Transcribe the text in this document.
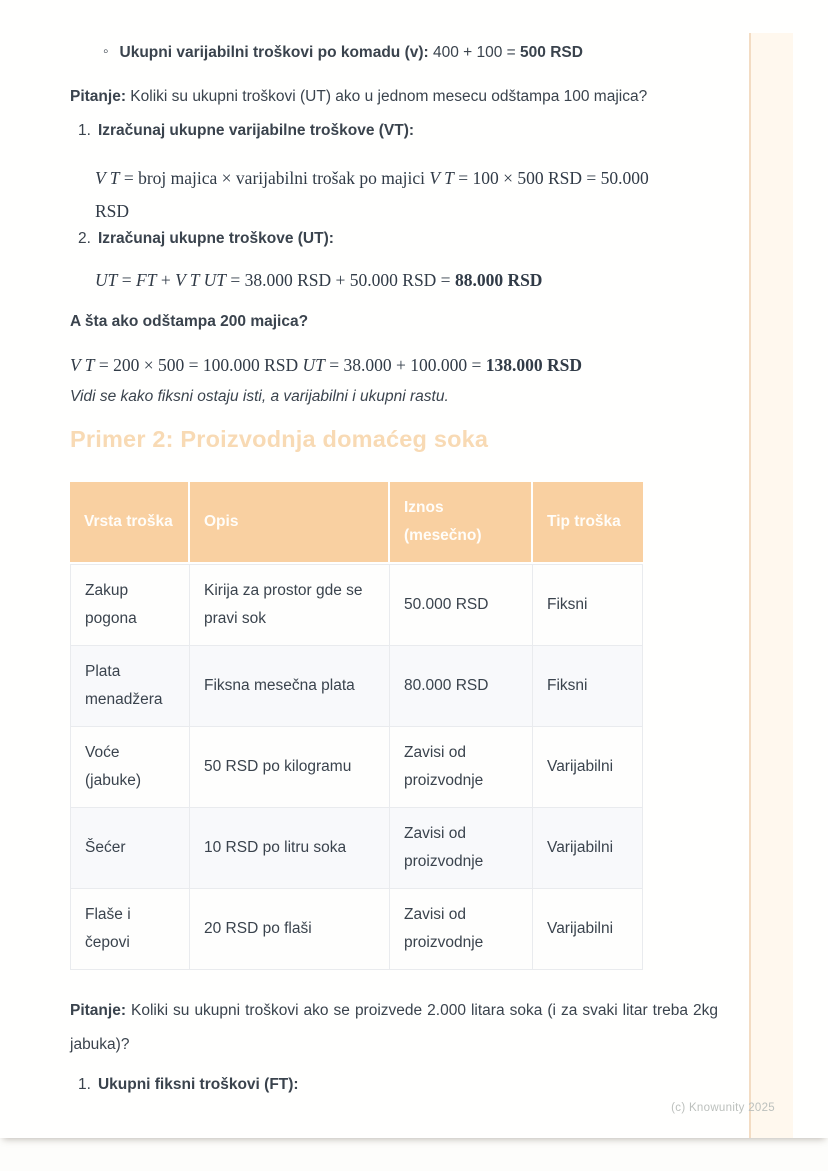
◦ Ukupni varijabilni troškovi po komadu (v): 400 + 100 = 500 RSD

Pitanje: Koliki su ukupni troškovi (UT) ako u jednom mesecu odštampa 100 majica?

1. Izračunaj ukupne varijabilne troškove (VT):
V T = broj majica × varijabilni trošak po majici V T = 100 × 500 RSD = 50.000 RSD
2. Izračunaj ukupne troškove (UT):
UT = FT + V T UT = 38.000 RSD + 50.000 RSD = 88.000 RSD

A šta ako odštampa 200 majica?

V T = 200 × 500 = 100.000 RSD UT = 38.000 + 100.000 = 138.000 RSD

Vidi se kako fiksni ostaju isti, a varijabilni i ukupni rastu.

Primer 2: Proizvodnja domaćeg soka
Vrsta troška	Opis	Iznos (mesečno)	Tip troška
Zakup pogona	Kirija za prostor gde se pravi sok	50.000 RSD	Fiksni
Plata menadžera	Fiksna mesečna plata	80.000 RSD	Fiksni
Voće (jabuke)	50 RSD po kilogramu	Zavisi od proizvodnje	Varijabilni
Šećer	10 RSD po litru soka	Zavisi od proizvodnje	Varijabilni
Flaše i čepovi	20 RSD po flaši	Zavisi od proizvodnje	Varijabilni

Pitanje: Koliki su ukupni troškovi ako se proizvede 2.000 litara soka (i za svaki litar treba 2kg jabuka)?

1. Ukupni fiksni troškovi (FT):
(c) Knowunity 2025
